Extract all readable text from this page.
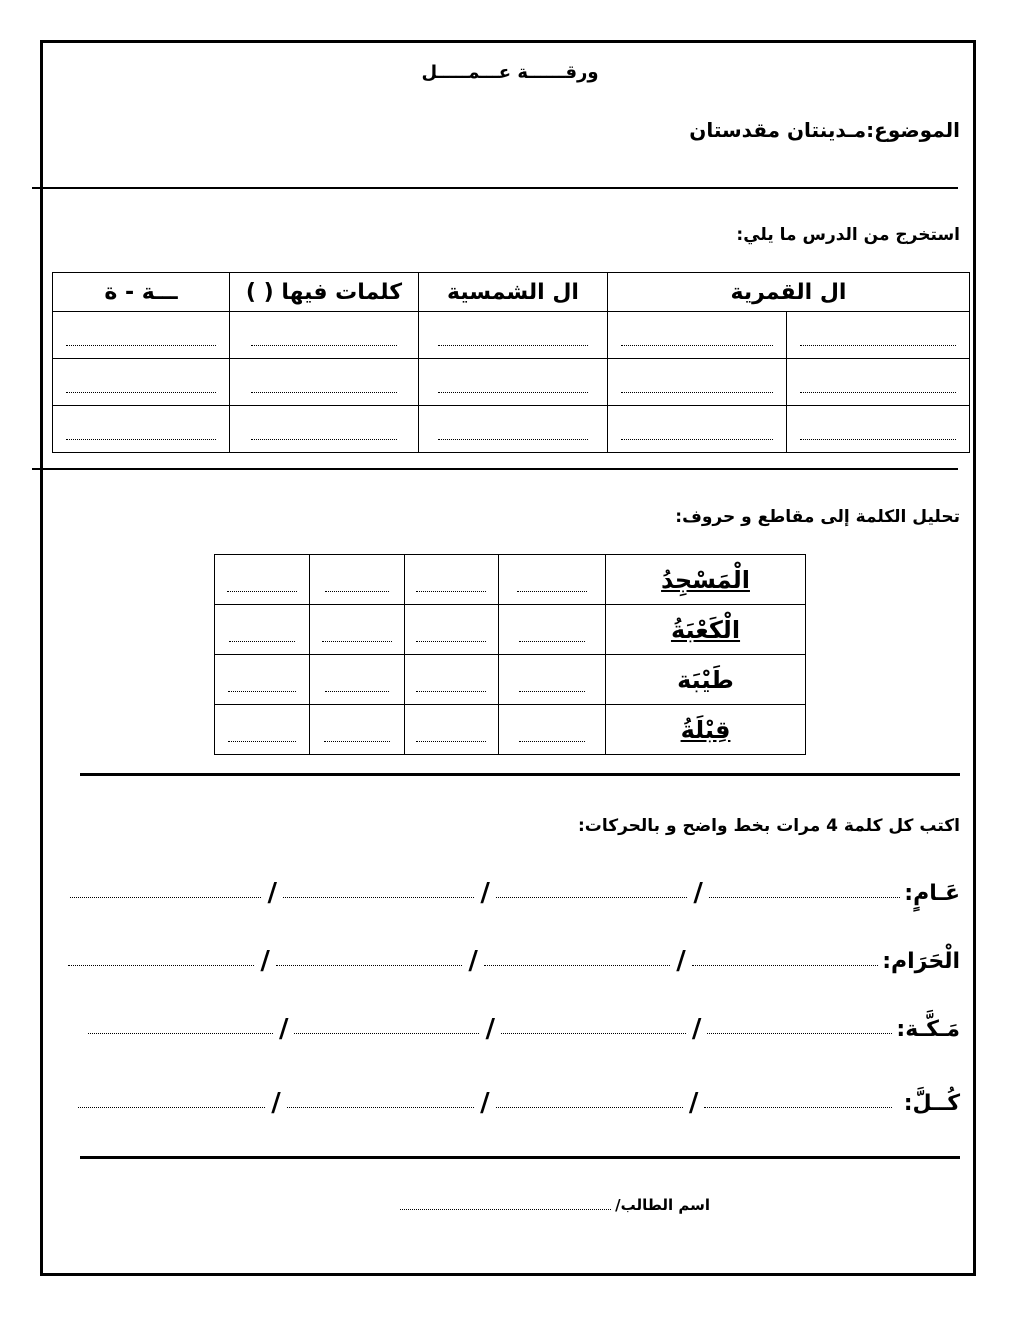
ورقــــــة عـــمـــــل
الموضوع:مـدينتان مقدستان
استخرج من الدرس ما يلي:
ال القمرية		ال الشمسية	كلمات فيها ( )	ـــة - ة

تحليل الكلمة إلى مقاطع و حروف:
الْمَسْجِدُ				
الْكَعْبَةُ				
طَيْبَة				
قِبْلَةُ				
اكتب كل كلمة 4 مرات بخط واضح و بالحركات:
عَـامٍ:
/
/
/
الْحَرَام:
/
/
/
مَـكَّـة:
/
/
/
كُــلَّ:
/
/
/
اسم الطالب/
